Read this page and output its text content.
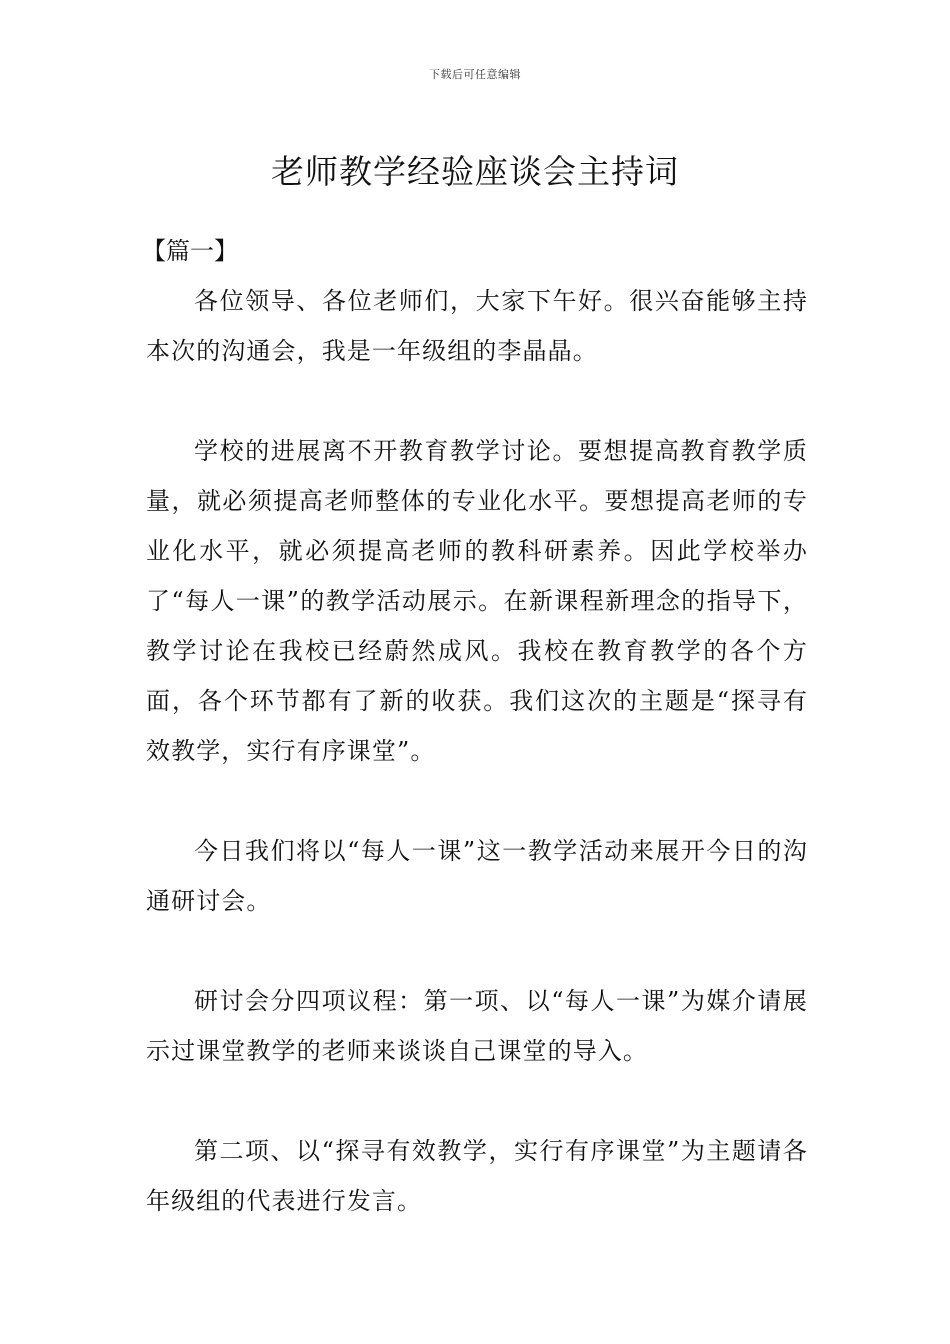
下载后可任意编辑
老师教学经验座谈会主持词

【篇一】

各位领导、各位老师们，大家下午好。很兴奋能够主持本次的沟通会，我是一年级组的李晶晶。

学校的进展离不开教育教学讨论。要想提高教育教学质量，就必须提高老师整体的专业化水平。要想提高老师的专业化水平，就必须提高老师的教科研素养。因此学校举办了“每人一课”的教学活动展示。在新课程新理念的指导下，教学讨论在我校已经蔚然成风。我校在教育教学的各个方面，各个环节都有了新的收获。我们这次的主题是“探寻有效教学，实行有序课堂”。

今日我们将以“每人一课”这一教学活动来展开今日的沟通研讨会。

研讨会分四项议程：第一项、以“每人一课”为媒介请展示过课堂教学的老师来谈谈自己课堂的导入。

第二项、以“探寻有效教学，实行有序课堂”为主题请各年级组的代表进行发言。
